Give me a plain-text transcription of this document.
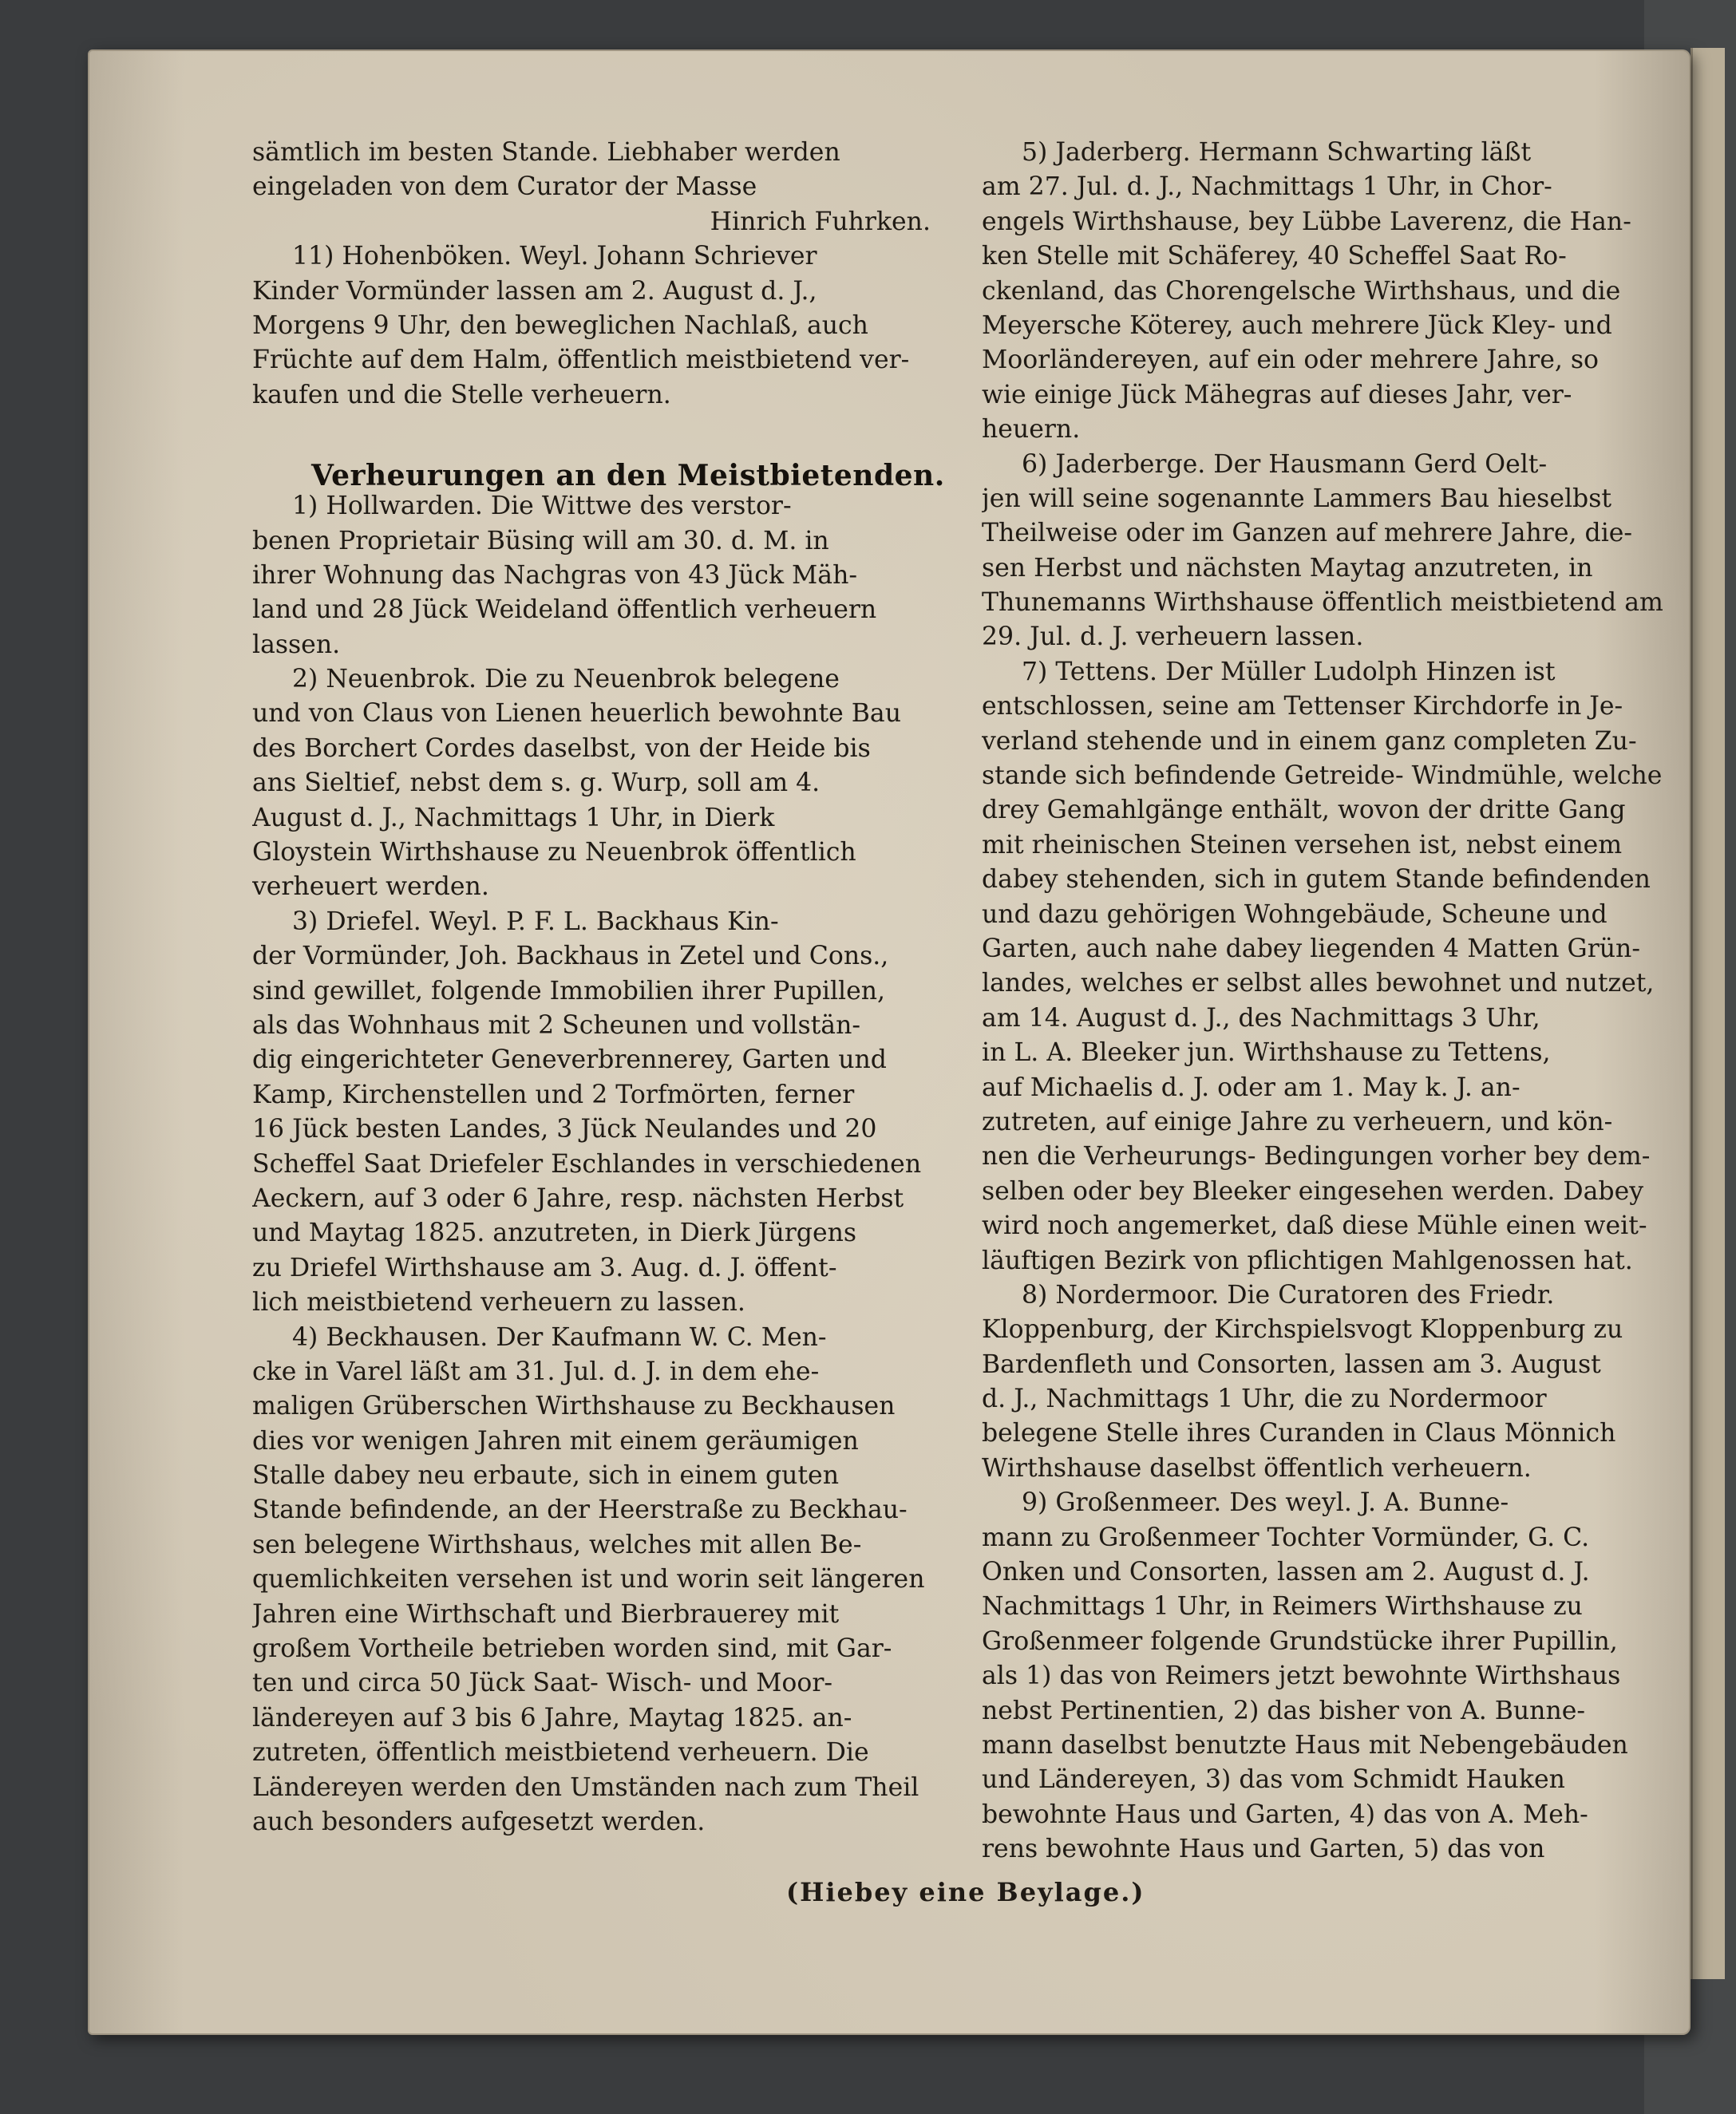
sämtlich im besten Stande. Liebhaber werden
eingeladen von dem Curator der Masse
Hinrich Fuhrken.
11) Hohenböken. Weyl. Johann Schriever
Kinder Vormünder lassen am 2. August d. J.,
Morgens 9 Uhr, den beweglichen Nachlaß, auch
Früchte auf dem Halm, öffentlich meistbietend ver-
kaufen und die Stelle verheuern.
1) Hollwarden. Die Wittwe des verstor-
benen Proprietair Büsing will am 30. d. M. in
ihrer Wohnung das Nachgras von 43 Jück Mäh-
land und 28 Jück Weideland öffentlich verheuern
lassen.
2) Neuenbrok. Die zu Neuenbrok belegene
und von Claus von Lienen heuerlich bewohnte Bau
des Borchert Cordes daselbst, von der Heide bis
ans Sieltief, nebst dem s. g. Wurp, soll am 4.
August d. J., Nachmittags 1 Uhr, in Dierk
Gloystein Wirthshause zu Neuenbrok öffentlich
verheuert werden.
3) Driefel. Weyl. P. F. L. Backhaus Kin-
der Vormünder, Joh. Backhaus in Zetel und Cons.,
sind gewillet, folgende Immobilien ihrer Pupillen,
als das Wohnhaus mit 2 Scheunen und vollstän-
dig eingerichteter Geneverbrennerey, Garten und
Kamp, Kirchenstellen und 2 Torfmörten, ferner
16 Jück besten Landes, 3 Jück Neulandes und 20
Scheffel Saat Driefeler Eschlandes in verschiedenen
Aeckern, auf 3 oder 6 Jahre, resp. nächsten Herbst
und Maytag 1825. anzutreten, in Dierk Jürgens
zu Driefel Wirthshause am 3. Aug. d. J. öffent-
lich meistbietend verheuern zu lassen.
4) Beckhausen. Der Kaufmann W. C. Men-
cke in Varel läßt am 31. Jul. d. J. in dem ehe-
maligen Grüberschen Wirthshause zu Beckhausen
dies vor wenigen Jahren mit einem geräumigen
Stalle dabey neu erbaute, sich in einem guten
Stande befindende, an der Heerstraße zu Beckhau-
sen belegene Wirthshaus, welches mit allen Be-
quemlichkeiten versehen ist und worin seit längeren
Jahren eine Wirthschaft und Bierbrauerey mit
großem Vortheile betrieben worden sind, mit Gar-
ten und circa 50 Jück Saat- Wisch- und Moor-
ländereyen auf 3 bis 6 Jahre, Maytag 1825. an-
zutreten, öffentlich meistbietend verheuern. Die
Ländereyen werden den Umständen nach zum Theil
auch besonders aufgesetzt werden.
Verheurungen an den Meistbietenden.
5) Jaderberg. Hermann Schwarting läßt
am 27. Jul. d. J., Nachmittags 1 Uhr, in Chor-
engels Wirthshause, bey Lübbe Laverenz, die Han-
ken Stelle mit Schäferey, 40 Scheffel Saat Ro-
ckenland, das Chorengelsche Wirthshaus, und die
Meyersche Köterey, auch mehrere Jück Kley- und
Moorländereyen, auf ein oder mehrere Jahre, so
wie einige Jück Mähegras auf dieses Jahr, ver-
heuern.
6) Jaderberge. Der Hausmann Gerd Oelt-
jen will seine sogenannte Lammers Bau hieselbst
Theilweise oder im Ganzen auf mehrere Jahre, die-
sen Herbst und nächsten Maytag anzutreten, in
Thunemanns Wirthshause öffentlich meistbietend am
29. Jul. d. J. verheuern lassen.
7) Tettens. Der Müller Ludolph Hinzen ist
entschlossen, seine am Tettenser Kirchdorfe in Je-
verland stehende und in einem ganz completen Zu-
stande sich befindende Getreide- Windmühle, welche
drey Gemahlgänge enthält, wovon der dritte Gang
mit rheinischen Steinen versehen ist, nebst einem
dabey stehenden, sich in gutem Stande befindenden
und dazu gehörigen Wohngebäude, Scheune und
Garten, auch nahe dabey liegenden 4 Matten Grün-
landes, welches er selbst alles bewohnet und nutzet,
am 14. August d. J., des Nachmittags 3 Uhr,
in L. A. Bleeker jun. Wirthshause zu Tettens,
auf Michaelis d. J. oder am 1. May k. J. an-
zutreten, auf einige Jahre zu verheuern, und kön-
nen die Verheurungs- Bedingungen vorher bey dem-
selben oder bey Bleeker eingesehen werden. Dabey
wird noch angemerket, daß diese Mühle einen weit-
läuftigen Bezirk von pflichtigen Mahlgenossen hat.
8) Nordermoor. Die Curatoren des Friedr.
Kloppenburg, der Kirchspielsvogt Kloppenburg zu
Bardenfleth und Consorten, lassen am 3. August
d. J., Nachmittags 1 Uhr, die zu Nordermoor
belegene Stelle ihres Curanden in Claus Mönnich
Wirthshause daselbst öffentlich verheuern.
9) Großenmeer. Des weyl. J. A. Bunne-
mann zu Großenmeer Tochter Vormünder, G. C.
Onken und Consorten, lassen am 2. August d. J.
Nachmittags 1 Uhr, in Reimers Wirthshause zu
Großenmeer folgende Grundstücke ihrer Pupillin,
als 1) das von Reimers jetzt bewohnte Wirthshaus
nebst Pertinentien, 2) das bisher von A. Bunne-
mann daselbst benutzte Haus mit Nebengebäuden
und Ländereyen, 3) das vom Schmidt Hauken
bewohnte Haus und Garten, 4) das von A. Meh-
rens bewohnte Haus und Garten, 5) das von
(Hiebey eine Beylage.)
